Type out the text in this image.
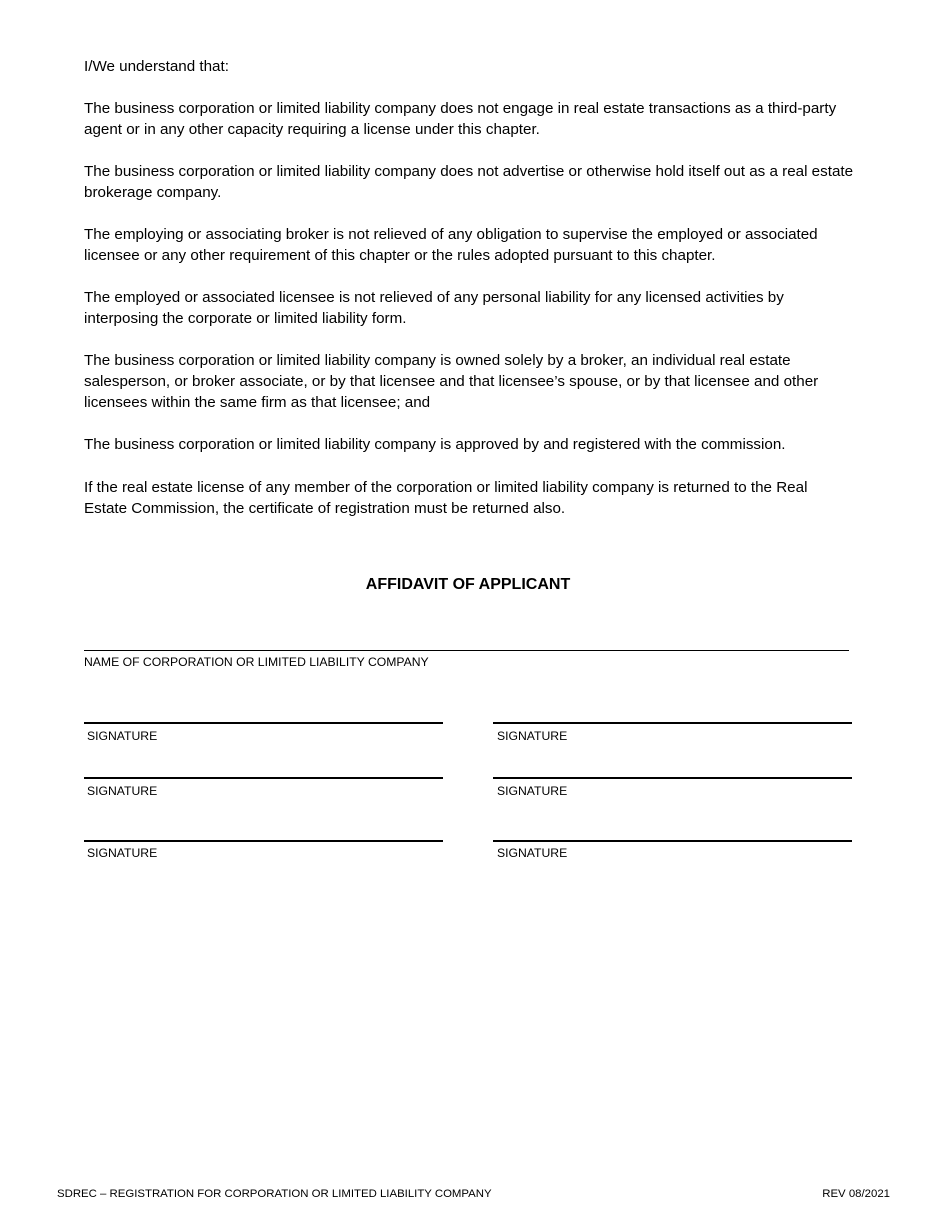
I/We understand that:

The business corporation or limited liability company does not engage in real estate transactions as a third-party agent or in any other capacity requiring a license under this chapter.

The business corporation or limited liability company does not advertise or otherwise hold itself out as a real estate brokerage company.

The employing or associating broker is not relieved of any obligation to supervise the employed or associated licensee or any other requirement of this chapter or the rules adopted pursuant to this chapter.

The employed or associated licensee is not relieved of any personal liability for any licensed activities by interposing the corporate or limited liability form.

The business corporation or limited liability company is owned solely by a broker, an individual real estate salesperson, or broker associate, or by that licensee and that licensee’s spouse, or by that licensee and other licensees within the same firm as that licensee; and

The business corporation or limited liability company is approved by and registered with the commission.

If the real estate license of any member of the corporation or limited liability company is returned to the Real Estate Commission, the certificate of registration must be returned also.

AFFIDAVIT OF APPLICANT
NAME OF CORPORATION OR LIMITED LIABILITY COMPANY
SIGNATURE	SIGNATURE
SIGNATURE	SIGNATURE
SIGNATURE	SIGNATURE
SDREC – REGISTRATION FOR CORPORATION OR LIMITED LIABILITY COMPANY	REV 08/2021
